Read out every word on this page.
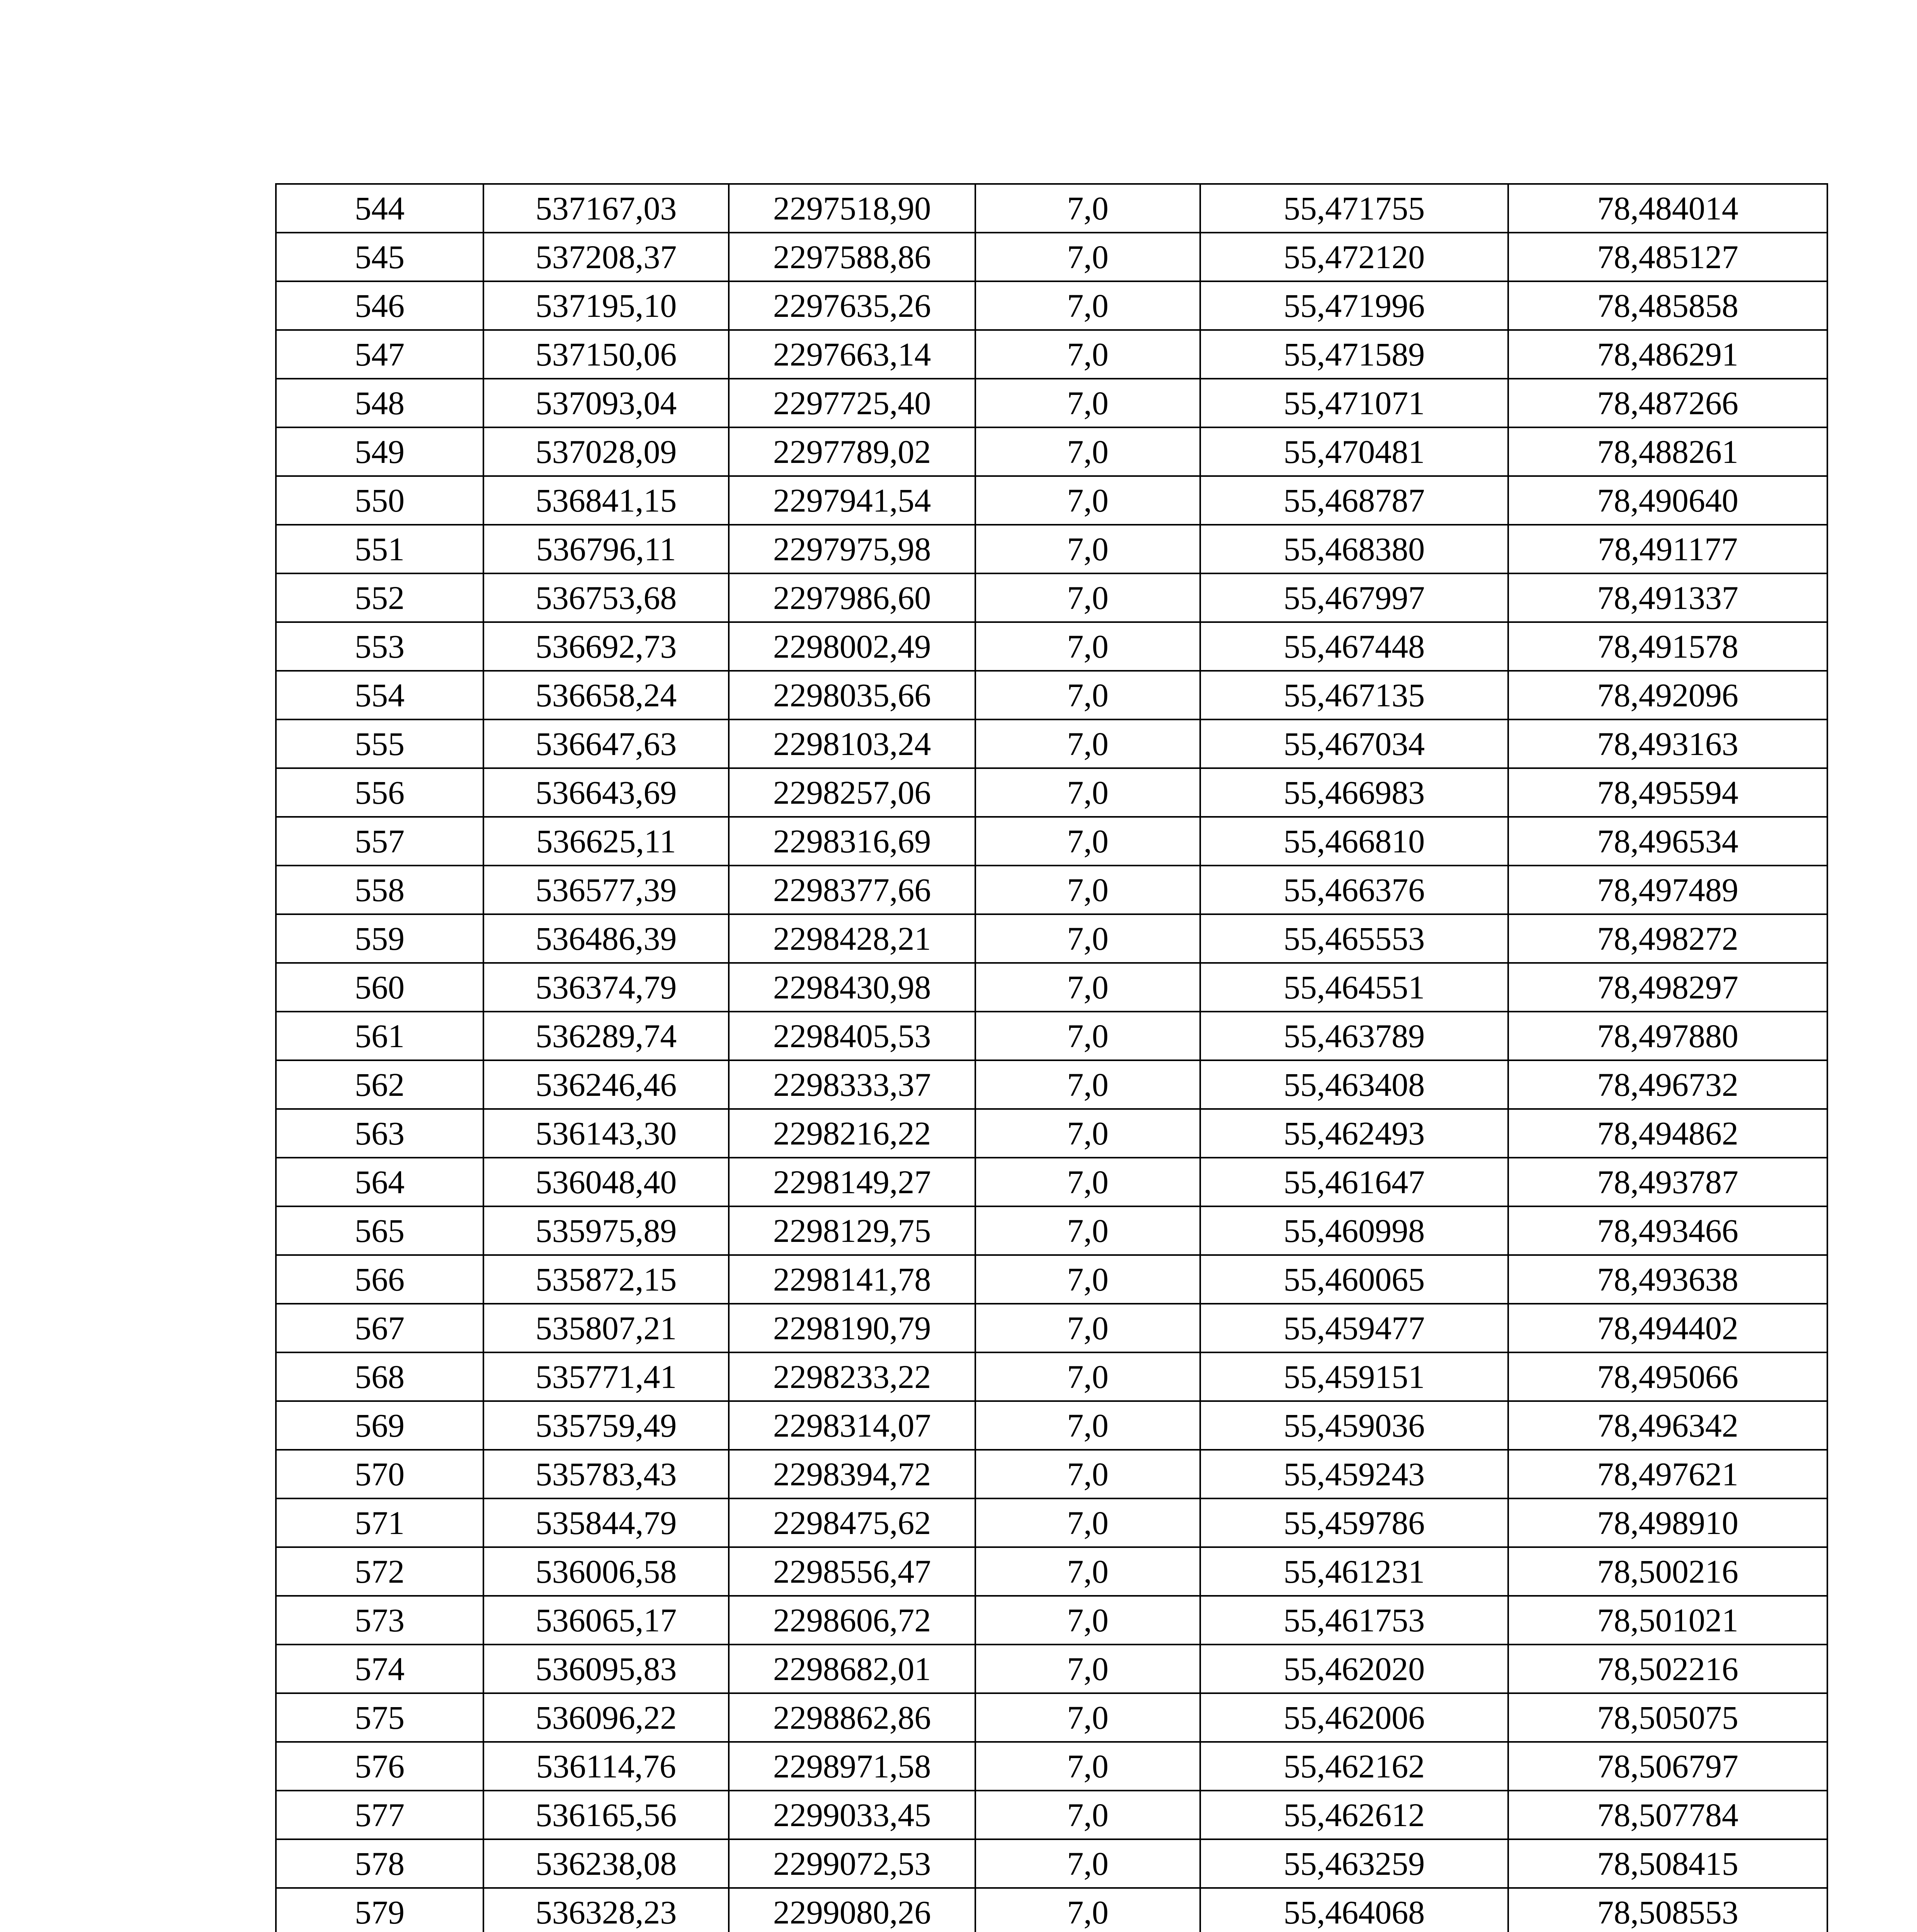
544	537167,03	2297518,90	7,0	55,471755	78,484014
545	537208,37	2297588,86	7,0	55,472120	78,485127
546	537195,10	2297635,26	7,0	55,471996	78,485858
547	537150,06	2297663,14	7,0	55,471589	78,486291
548	537093,04	2297725,40	7,0	55,471071	78,487266
549	537028,09	2297789,02	7,0	55,470481	78,488261
550	536841,15	2297941,54	7,0	55,468787	78,490640
551	536796,11	2297975,98	7,0	55,468380	78,491177
552	536753,68	2297986,60	7,0	55,467997	78,491337
553	536692,73	2298002,49	7,0	55,467448	78,491578
554	536658,24	2298035,66	7,0	55,467135	78,492096
555	536647,63	2298103,24	7,0	55,467034	78,493163
556	536643,69	2298257,06	7,0	55,466983	78,495594
557	536625,11	2298316,69	7,0	55,466810	78,496534
558	536577,39	2298377,66	7,0	55,466376	78,497489
559	536486,39	2298428,21	7,0	55,465553	78,498272
560	536374,79	2298430,98	7,0	55,464551	78,498297
561	536289,74	2298405,53	7,0	55,463789	78,497880
562	536246,46	2298333,37	7,0	55,463408	78,496732
563	536143,30	2298216,22	7,0	55,462493	78,494862
564	536048,40	2298149,27	7,0	55,461647	78,493787
565	535975,89	2298129,75	7,0	55,460998	78,493466
566	535872,15	2298141,78	7,0	55,460065	78,493638
567	535807,21	2298190,79	7,0	55,459477	78,494402
568	535771,41	2298233,22	7,0	55,459151	78,495066
569	535759,49	2298314,07	7,0	55,459036	78,496342
570	535783,43	2298394,72	7,0	55,459243	78,497621
571	535844,79	2298475,62	7,0	55,459786	78,498910
572	536006,58	2298556,47	7,0	55,461231	78,500216
573	536065,17	2298606,72	7,0	55,461753	78,501021
574	536095,83	2298682,01	7,0	55,462020	78,502216
575	536096,22	2298862,86	7,0	55,462006	78,505075
576	536114,76	2298971,58	7,0	55,462162	78,506797
577	536165,56	2299033,45	7,0	55,462612	78,507784
578	536238,08	2299072,53	7,0	55,463259	78,508415
579	536328,23	2299080,26	7,0	55,464068	78,508553
